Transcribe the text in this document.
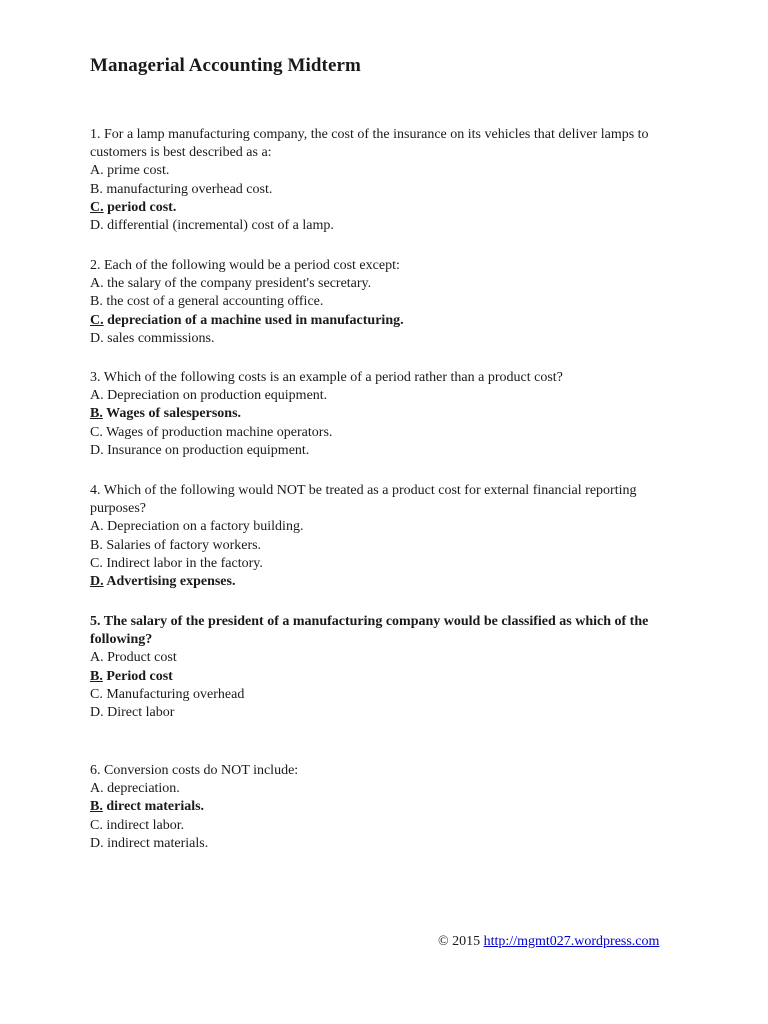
Managerial Accounting Midterm
1. For a lamp manufacturing company, the cost of the insurance on its vehicles that deliver lamps to customers is best described as a:
A. prime cost.
B. manufacturing overhead cost.
C. period cost.
D. differential (incremental) cost of a lamp.
2. Each of the following would be a period cost except:
A. the salary of the company president's secretary.
B. the cost of a general accounting office.
C. depreciation of a machine used in manufacturing.
D. sales commissions.
3. Which of the following costs is an example of a period rather than a product cost?
A. Depreciation on production equipment.
B. Wages of salespersons.
C. Wages of production machine operators.
D. Insurance on production equipment.
4. Which of the following would NOT be treated as a product cost for external financial reporting purposes?
A. Depreciation on a factory building.
B. Salaries of factory workers.
C. Indirect labor in the factory.
D. Advertising expenses.
5. The salary of the president of a manufacturing company would be classified as which of the following?
A. Product cost
B. Period cost
C. Manufacturing overhead
D. Direct labor
6. Conversion costs do NOT include:
A. depreciation.
B. direct materials.
C. indirect labor.
D. indirect materials.
© 2015 http://mgmt027.wordpress.com
